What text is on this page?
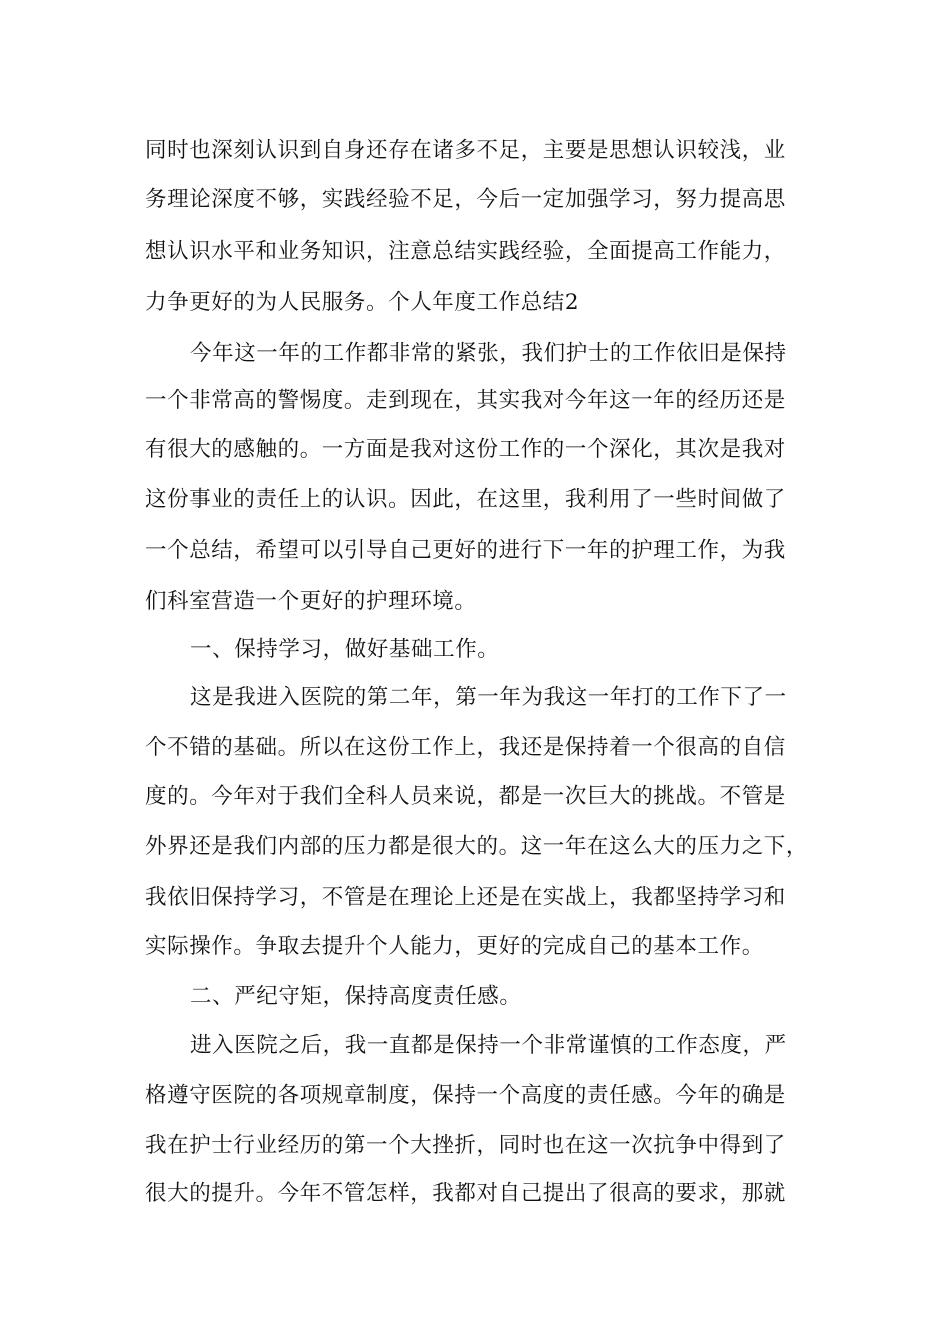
同时也深刻认识到自身还存在诸多不足，主要是思想认识较浅，业
务理论深度不够，实践经验不足，今后一定加强学习，努力提高思
想认识水平和业务知识，注意总结实践经验，全面提高工作能力，
力争更好的为人民服务。个人年度工作总结2
今年这一年的工作都非常的紧张，我们护士的工作依旧是保持
一个非常高的警惕度。走到现在，其实我对今年这一年的经历还是
有很大的感触的。一方面是我对这份工作的一个深化，其次是我对
这份事业的责任上的认识。因此，在这里，我利用了一些时间做了
一个总结，希望可以引导自己更好的进行下一年的护理工作，为我
们科室营造一个更好的护理环境。
一、保持学习，做好基础工作。
这是我进入医院的第二年，第一年为我这一年打的工作下了一
个不错的基础。所以在这份工作上，我还是保持着一个很高的自信
度的。今年对于我们全科人员来说，都是一次巨大的挑战。不管是
外界还是我们内部的压力都是很大的。这一年在这么大的压力之下，
我依旧保持学习，不管是在理论上还是在实战上，我都坚持学习和
实际操作。争取去提升个人能力，更好的完成自己的基本工作。
二、严纪守矩，保持高度责任感。
进入医院之后，我一直都是保持一个非常谨慎的工作态度，严
格遵守医院的各项规章制度，保持一个高度的责任感。今年的确是
我在护士行业经历的第一个大挫折，同时也在这一次抗争中得到了
很大的提升。今年不管怎样，我都对自己提出了很高的要求，那就
